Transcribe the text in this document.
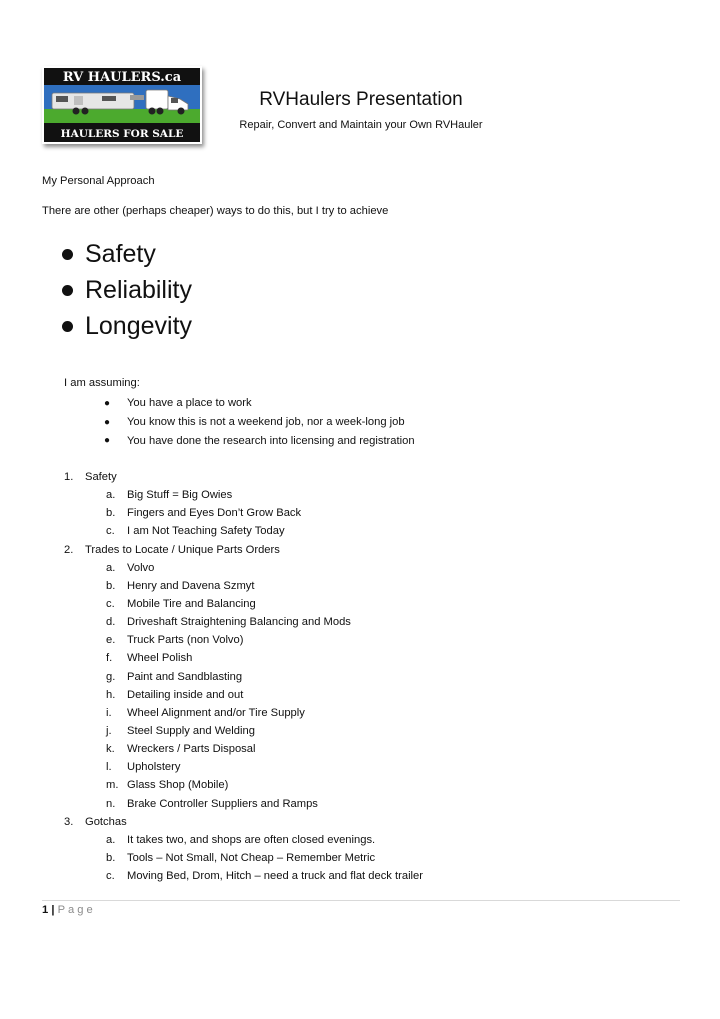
RV HAULERS.ca
HAULERS FOR SALE
RVHaulers Presentation
Repair, Convert and Maintain your Own RVHauler
My Personal Approach
There are other (perhaps cheaper) ways to do this, but I try to achieve
Safety
Reliability
Longevity
I am assuming:
●	You have a place to work
●	You know this is not a weekend job, nor a week-long job
●	You have done the research into licensing and registration
1.	Safety
a.	Big Stuff = Big Owies
b.	Fingers and Eyes Don’t Grow Back
c.	I am Not Teaching Safety Today
2.	Trades to Locate / Unique Parts Orders
a.	Volvo
b.	Henry and Davena Szmyt
c.	Mobile Tire and Balancing
d.	Driveshaft Straightening Balancing and Mods
e.	Truck Parts (non Volvo)
f.	Wheel Polish
g.	Paint and Sandblasting
h.	Detailing inside and out
i.	Wheel Alignment and/or Tire Supply
j.	Steel Supply and Welding
k.	Wreckers / Parts Disposal
l.	Upholstery
m. Glass Shop (Mobile)
n.	Brake Controller Suppliers and Ramps
3.	Gotchas
a.	It takes two, and shops are often closed evenings.
b.	Tools – Not Small, Not Cheap – Remember Metric
c.	Moving Bed, Drom, Hitch – need a truck and flat deck trailer
1 | Page
